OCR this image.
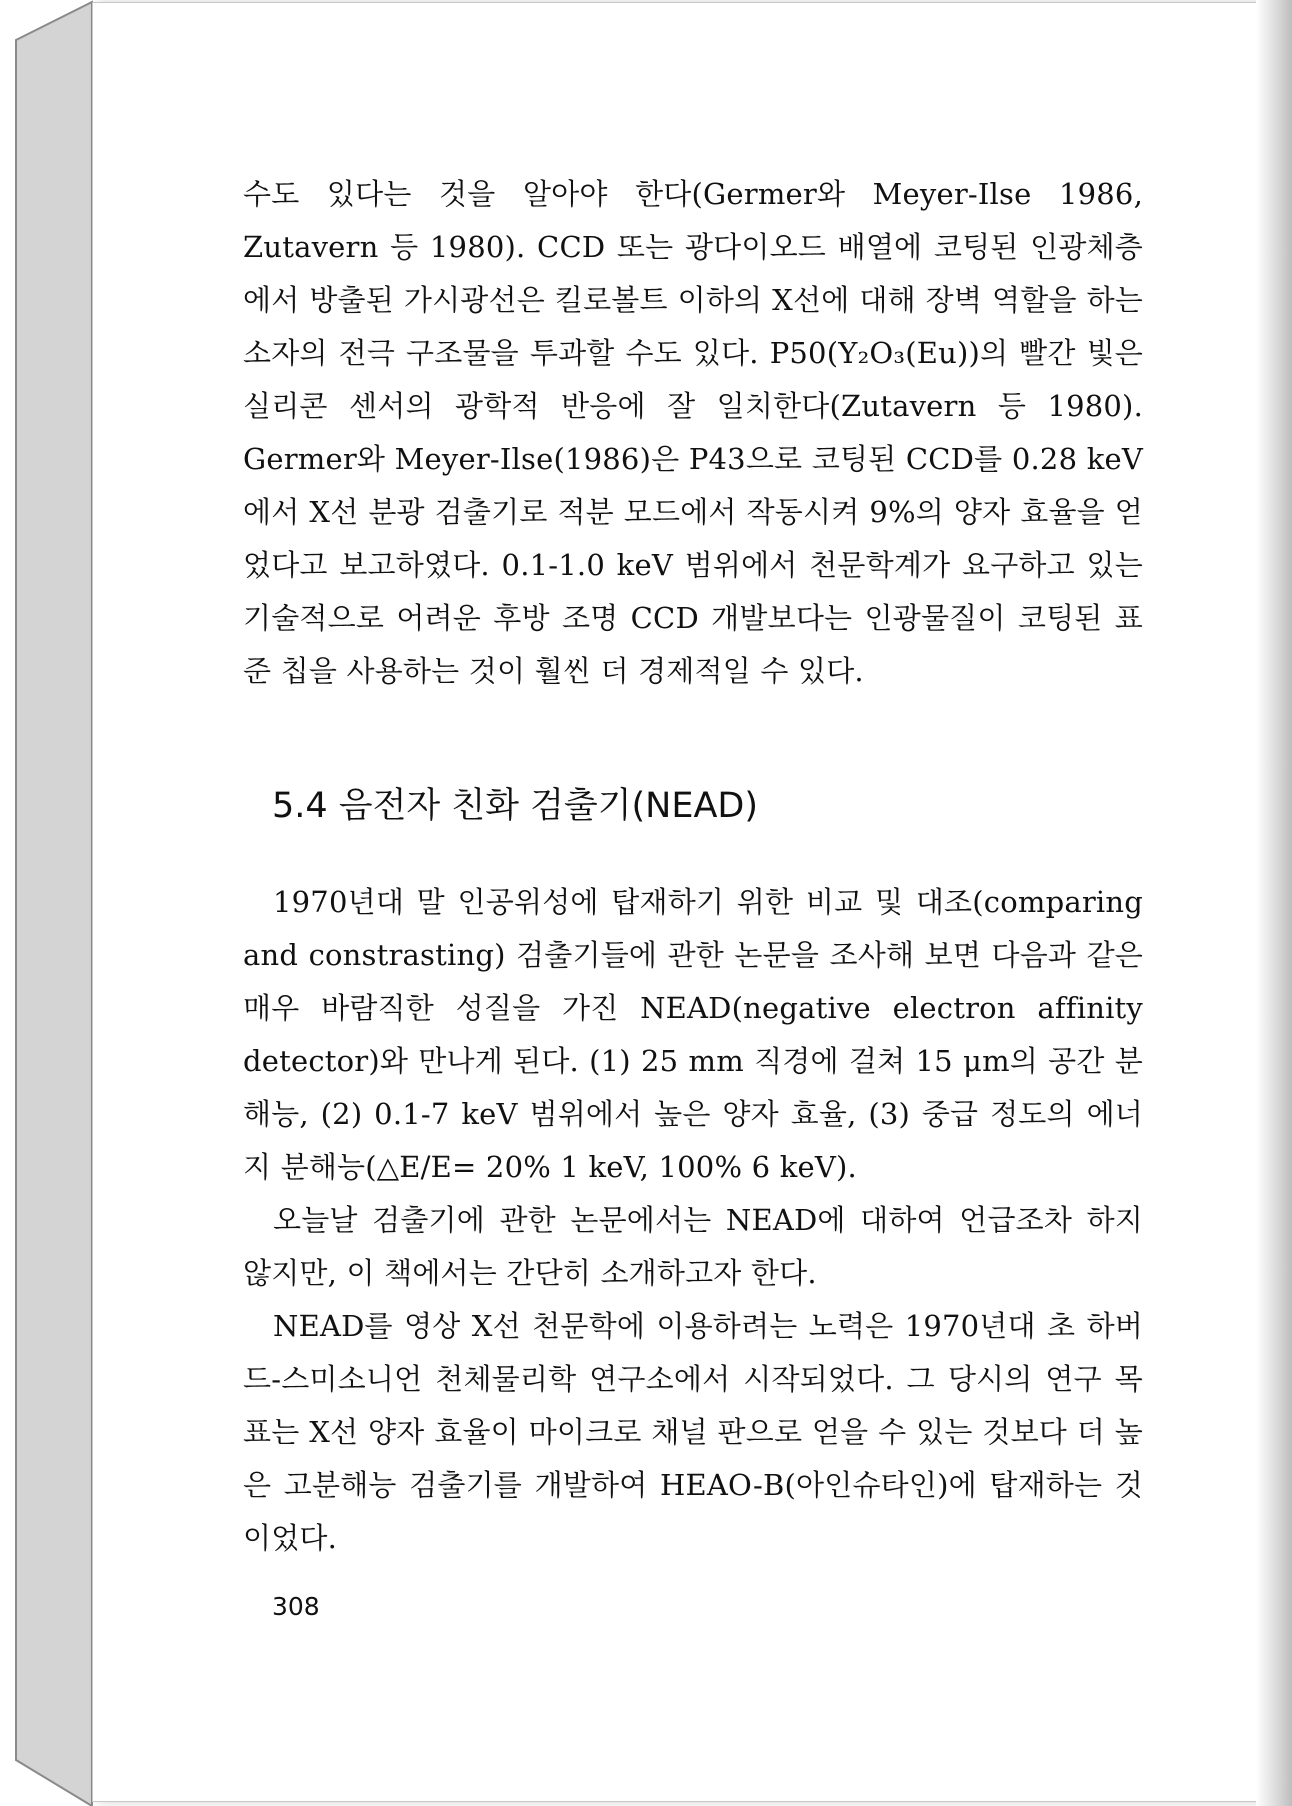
수도 있다는 것을 알아야 한다(Germer와 Meyer-Ilse 1986, Zutavern 등 1980). CCD 또는 광다이오드 배열에 코팅된 인광체층에서 방출된 가시광선은 킬로볼트 이하의 X선에 대해 장벽 역할을 하는 소자의 전극 구조물을 투과할 수도 있다. P50(Y₂O₃(Eu))의 빨간 빛은 실리콘 센서의 광학적 반응에 잘 일치한다(Zutavern 등 1980). Germer와 Meyer-Ilse(1986)은 P43으로 코팅된 CCD를 0.28 keV에서 X선 분광 검출기로 적분 모드에서 작동시켜 9%의 양자 효율을 얻었다고 보고하였다. 0.1-1.0 keV 범위에서 천문학계가 요구하고 있는 기술적으로 어려운 후방 조명 CCD 개발보다는 인광물질이 코팅된 표준 칩을 사용하는 것이 훨씬 더 경제적일 수 있다.

5.4 음전자 친화 검출기(NEAD)

1970년대 말 인공위성에 탑재하기 위한 비교 및 대조(comparing and constrasting) 검출기들에 관한 논문을 조사해 보면 다음과 같은 매우 바람직한 성질을 가진 NEAD(negative electron affinity detector)와 만나게 된다. (1) 25 mm 직경에 걸쳐 15 μm의 공간 분해능, (2) 0.1-7 keV 범위에서 높은 양자 효율, (3) 중급 정도의 에너지 분해능(△E/E= 20% 1 keV, 100% 6 keV).

오늘날 검출기에 관한 논문에서는 NEAD에 대하여 언급조차 하지 않지만, 이 책에서는 간단히 소개하고자 한다.

NEAD를 영상 X선 천문학에 이용하려는 노력은 1970년대 초 하버드-스미소니언 천체물리학 연구소에서 시작되었다. 그 당시의 연구 목표는 X선 양자 효율이 마이크로 채널 판으로 얻을 수 있는 것보다 더 높은 고분해능 검출기를 개발하여 HEAO-B(아인슈타인)에 탑재하는 것이었다.

308
